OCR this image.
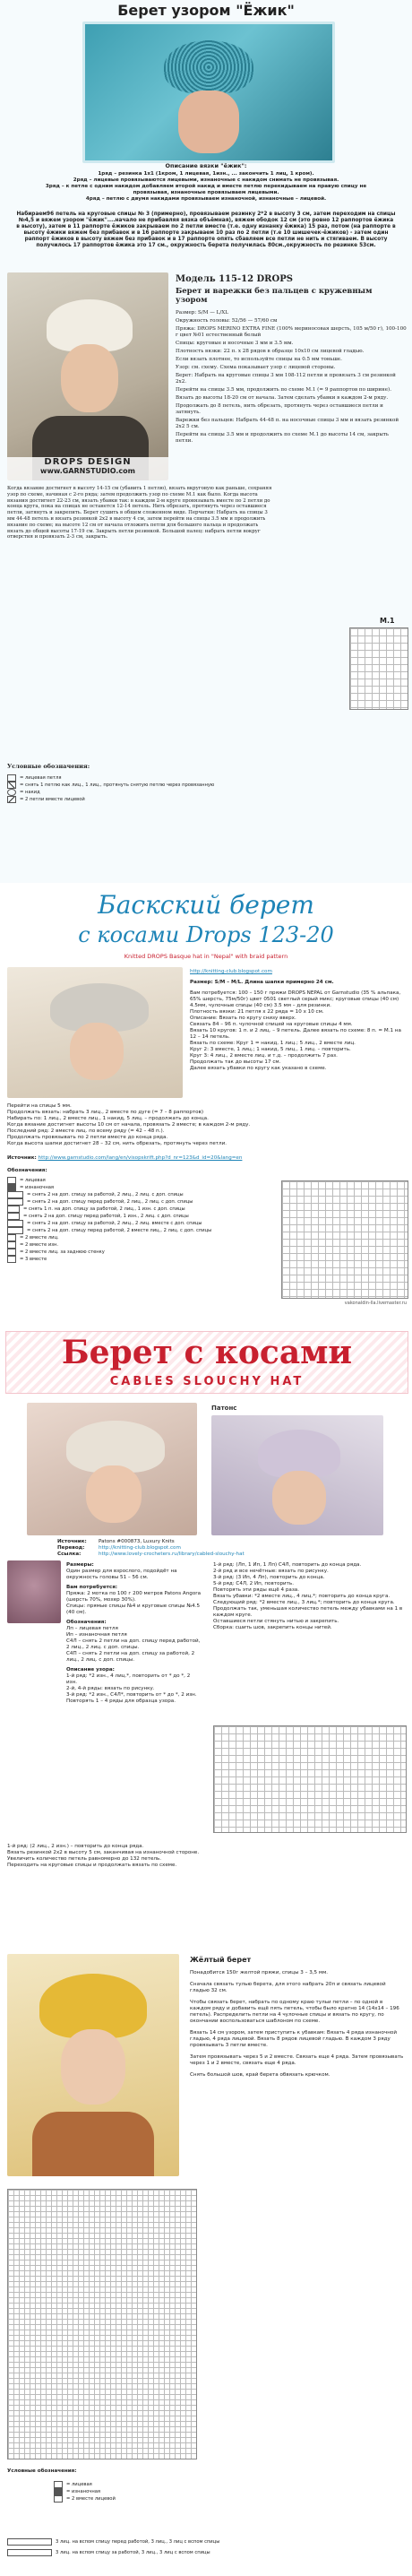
Берет узором "Ёжик"
Описание вязки "ёжик":
1ряд – резинка 1х1 (1кром, 1 лицевая, 1изн., ... закончить 1 лиц, 1 кром).
2ряд – лицевые провязываются лицевыми, изнаночные с накидом снимать не провязывая.
3ряд – к петле с одним накидом добавляем второй накид и вместе петлю перекидываем на правую спицу не провязывая, изнаночные провязываем лицевыми.
4ряд – петлю с двумя накидами провязываем изнаночной, изнаночные – лицевой.
Набираем96 петель на круговые спицы № 3 (примерно), провязываем резинку 2*2 в высоту 3 см, затем переходим на спицы №4,5 и вяжем узором "ёжик"....начало не прибавляя вязка объёмная), вяжем ободок 12 см (это ровно 12 раппортов ёжика в высоту), затем в 11 раппорте ёжиков закрываем по 2 петли вместе (т.е. одну изнанку ёжика) 15 раз, потом (на раппорте в высоту ёжики вяжем без прибавок и в 16 раппорте закрываем 10 раз по 2 петли (т.е 10 шишечек-ёжиков) - затем один раппорт ёжиков в высоту вяжем без прибавок и в 17 раппорте опять сбавляем все петли не нить и стягиваем. В высоту получилось 17 раппортов ёжика это 17 см., окружность берета получилась 80см.,окружность по резинке 53см.
DROPS DESIGN
www.GARNSTUDIO.com
Модель 115-12 DROPS
Берет и варежки без пальцев с кружевным узором
Размер: S/M — L/XL
Окружность головы: 52/56 — 57/60 см
Пряжа: DROPS MERINO EXTRA FINE (100% мериносовая шерсть, 105 м/50 г), 100-100 г цвет №01 естественный белый
Спицы: круговые и носочные 3 мм и 3.5 мм.
Плотность вязки: 22 п. х 28 рядов в образце 10х10 см лицевой гладью.
Если вязать плотнее, то используйте спицы на 0.5 мм тоньше.
Узор: см. схему. Схема показывает узор с лицевой стороны.
Берет: Набрать на круговые спицы 3 мм 108-112 петли и провязать 3 см резинкой 2х2.
Перейти на спицы 3.5 мм, продолжить по схеме М.1 (= 9 раппортов по ширине).
Вязать до высоты 18-20 см от начала. Затем сделать убавки в каждом 2-м ряду.
Продолжать до 8 петель, нить обрезать, протянуть через оставшиеся петли и затянуть.
Варежки без пальцев: Набрать 44-48 п. на носочные спицы 3 мм и вязать резинкой 2х2 5 см.
Перейти на спицы 3.5 мм и продолжить по схеме М.1 до высоты 14 см, закрыть петли.
Когда вязание достигнет в высоту 14-15 см (убавить 1 петлю), вязать вкруговую как раньше, сохраняя узор по схеме, начиная с 2-го ряда; затем продолжить узор по схеме М.1 как было. Когда высота вязания достигнет 22-23 см, вязать убавки так: в каждом 2-м круге провязывать вместе по 2 петли до конца круга, пока на спицах не останется 12-14 петель. Нить обрезать, протянуть через оставшиеся петли, затянуть и закрепить. Берет сушить в общем сложенном виде. Перчатки: Набрать на спицы 3 мм 44-48 петель и вязать резинкой 2х2 в высоту 4 см, затем перейти на спицы 3.5 мм и продолжить вязание по схеме; на высоте 12 см от начала отложить петли для большого пальца и продолжать вязать до общей высоты 17-19 см. Закрыть петли резинкой. Большой палец: набрать петли вокруг отверстия и провязать 2-3 см, закрыть.
M.1
Условные обозначения:
= лицевая петля
= снять 1 петлю как лиц., 1 лиц., протянуть снятую петлю через провязанную
= накид
= 2 петли вместе лицевой
Баскский берет
с косами Drops 123-20
Knitted DROPS Basque hat in "Nepal" with braid pattern
http://knitting-club.blogspot.com
Размер: S/M – M/L. Длина шапки примерно 24 см.
Вам потребуется: 100 – 150 г пряжи DROPS NEPAL от Garnstudio (35 % альпака, 65% шерсть, 75м/50г) цвет 0501 светлый серый микс; круговые спицы (40 см) 4.5мм, чулочные спицы (40 см) 3.5 мм – для резинки.
Плотность вязки: 21 петля х 22 ряда = 10 х 10 см.
Описание: Вязать по кругу снизу вверх.
Связать 84 – 96 п. чулочной спицей на круговые спицы 4 мм.
Вязать 10 кругов: 1 п. и 2 лиц. – 9 петель. Далее вязать по схеме: 8 п. = М.1 на 12 – 14 петель.
Вязать по схеме: Круг 1 = накид, 1 лиц.; 5 лиц., 2 вместе лиц.
Круг 2: 3 вместе, 1 лиц.; 1 накид, 5 лиц., 1 лиц. – повторить.
Круг 3: 4 лиц., 2 вместе лиц. и т.д. – продолжить 7 раз.
Продолжать так до высоты 17 см.
Далее вязать убавки по кругу как указано в схеме.
Перейти на спицы 5 мм.
Продолжать вязать: набрать 3 лиц., 2 вместе по дуге (= 7 – 8 раппортов)
Набирать по: 1 лиц., 2 вместе лиц., 1 накид, 5 лиц. – продолжать до конца.
Когда вязание достигнет высоты 10 см от начала, провязать 2 вместе; в каждом 2-м ряду.
Последний ряд: 2 вместе лиц. по всему ряду (= 42 – 48 п.).
Продолжать провязывать по 2 петли вместе до конца ряда.
Когда высота шапки достигнет 28 – 32 см, нить обрезать, протянуть через петли.
Источник: http://www.garnstudio.com/lang/en/visopskrift.php?d_nr=123&d_id=20&lang=en
Обозначения:
= лицевая
= изнаночная
= снять 2 на доп. спицу за работой, 2 лиц., 2 лиц. с доп. спицы
= снять 2 на доп. спицу перед работой, 2 лиц., 2 лиц. с доп. спицы
= снять 1 п. на доп. спицу за работой, 2 лиц., 1 изн. с доп. спицы
= снять 2 на доп. спицу перед работой, 1 изн., 2 лиц. с доп. спицы
= снять 2 на доп. спицу за работой, 2 лиц., 2 лиц. вместе с доп. спицы
= снять 2 на доп. спицу перед работой, 2 вместе лиц., 2 лиц. с доп. спицы
= 2 вместе лиц.
= 2 вместе изн.
= 2 вместе лиц. за заднюю стенку
= 3 вместе
vakonaldin-lla.livemaster.ru
Берет с косами
CABLES SLOUCHY HAT
Патонс
Источник: Patons #000873, Luxury Knits
Перевод:	http://knitting-club.blogspot.com
Ссылка:	http://www.lovely-crocheters.ru/library/cabled-slouchy-hat
Размеры:
Один размер для взрослого, подойдёт на окружность головы 51 – 56 см.
Вам потребуется:
Пряжа: 2 мотка по 100 г 200 метров Patons Angora (шерсть 70%, мохер 30%).
Спицы: прямые спицы №4 и круговые спицы №4.5 (40 см).
Обозначения:
Лп – лицевая петля
Ип – изнаночная петля
С4Л – снять 2 петли на доп. спицу перед работой, 2 лиц., 2 лиц. с доп. спицы.
С4П – снять 2 петли на доп. спицу за работой, 2 лиц., 2 лиц. с доп. спицы.
Описание узора:
1-й ряд: *2 изн., 4 лиц.*, повторить от * до *, 2 изн.
2-й, 4-й ряды: вязать по рисунку.
3-й ряд: *2 изн., С4Л*, повторить от * до *, 2 изн.
Повторять 1 – 4 ряды для образца узора.
1-й ряд: (Лп, 1 Ип, 1 Лп) С4Л, повторить до конца ряда.
2-й ряд и все нечётные: вязать по рисунку.
3-й ряд: (3 Ип, 4 Лп), повторить до конца.
5-й ряд: С4Л, 2 Ип, повторить.
Повторять эти ряды ещё 4 раза.
Вязать убавки: *2 вместе лиц., 4 лиц.*; повторить до конца круга.
Следующий ряд: *2 вместе лиц., 3 лиц.*; повторить до конца круга.
Продолжать так, уменьшая количество петель между убавками на 1 в каждом круге.
Оставшиеся петли стянуть нитью и закрепить.
Сборка: сшить шов, закрепить концы нитей.
1-й ряд: (2 лиц., 2 изн.) – повторить до конца ряда.
Вязать резинкой 2х2 в высоту 5 см, заканчивая на изнаночной стороне.
Увеличить количество петель равномерно до 132 петель.
Переходить на круговые спицы и продолжать вязать по схеме.
Жёлтый берет
Понадобится 150г желтой пряжи, спицы 3 – 3,5 мм.
Сначала связать тулью берета, для этого набрать 20п и связать лицевой гладью 32 см.
Чтобы связать берет, набрать по одному краю тульи петли – по одной в каждом ряду и добавить ещё пять петель, чтобы было кратно 14 (14х14 – 196 петель). Распределить петли на 4 чулочные спицы и вязать по кругу, по окончании воспользоваться шаблоном по схеме.
Вязать 14 см узором, затем приступить к убавкам: Вязать 4 ряда изнаночной гладью, 4 ряда лицевой. Вязать 8 рядов лицевой гладью. В каждом 3 ряду провязывать 3 петли вместе.
Затем провязывать через 5 и 2 вместе. Связать еще 4 ряда. Затем провязывать через 1 и 2 вместе, связать еще 4 ряда.
Снять большой шов, край берета обвязать крючком.
Условные обозначения:
= лицевая
= изнаночная
= 2 вместе лицевой
3 лиц. на вспом спицу перед работой, 3 лиц., 3 лиц с вспом спицы
3 лиц. на вспом спицу за работой, 3 лиц., 3 лиц с вспом спицы
